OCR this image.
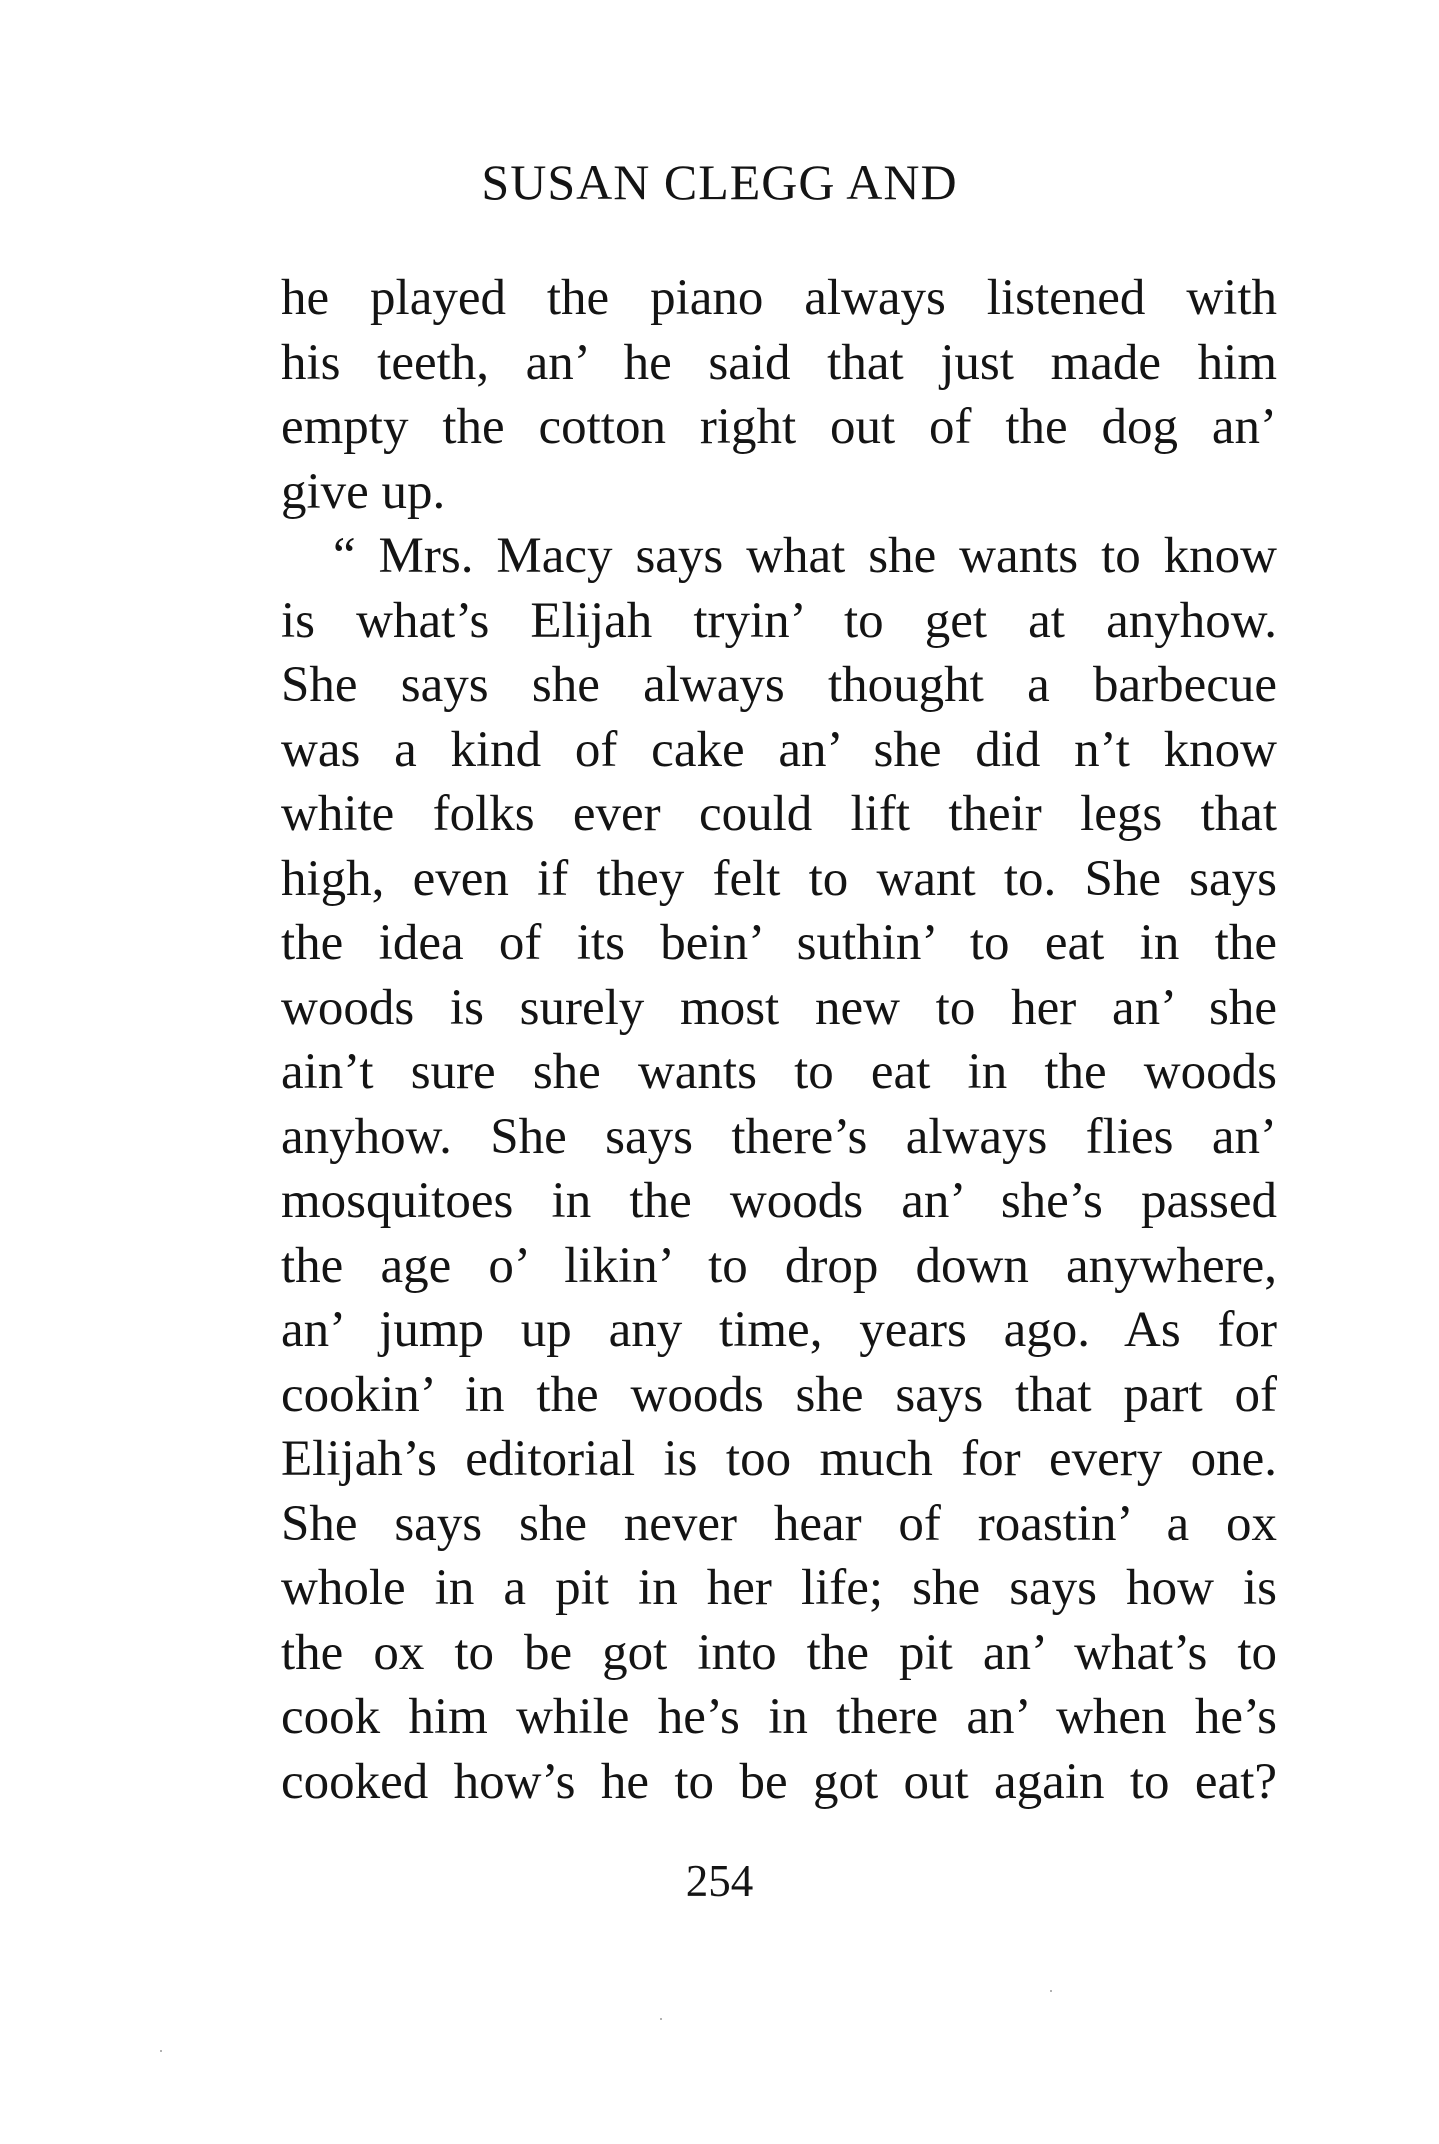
SUSAN CLEGG AND
he played the piano always listened with
his teeth, an’ he said that just made him
empty the cotton right out of the dog an’
give up.
“ Mrs. Macy says what she wants to know
is what’s Elijah tryin’ to get at anyhow.
She says she always thought a barbecue
was a kind of cake an’ she did n’t know
white folks ever could lift their legs that
high, even if they felt to want to. She says
the idea of its bein’ suthin’ to eat in the
woods is surely most new to her an’ she
ain’t sure she wants to eat in the woods
anyhow. She says there’s always flies an’
mosquitoes in the woods an’ she’s passed
the age o’ likin’ to drop down anywhere,
an’ jump up any time, years ago. As for
cookin’ in the woods she says that part of
Elijah’s editorial is too much for every one.
She says she never hear of roastin’ a ox
whole in a pit in her life; she says how is
the ox to be got into the pit an’ what’s to
cook him while he’s in there an’ when he’s
cooked how’s he to be got out again to eat?
254
